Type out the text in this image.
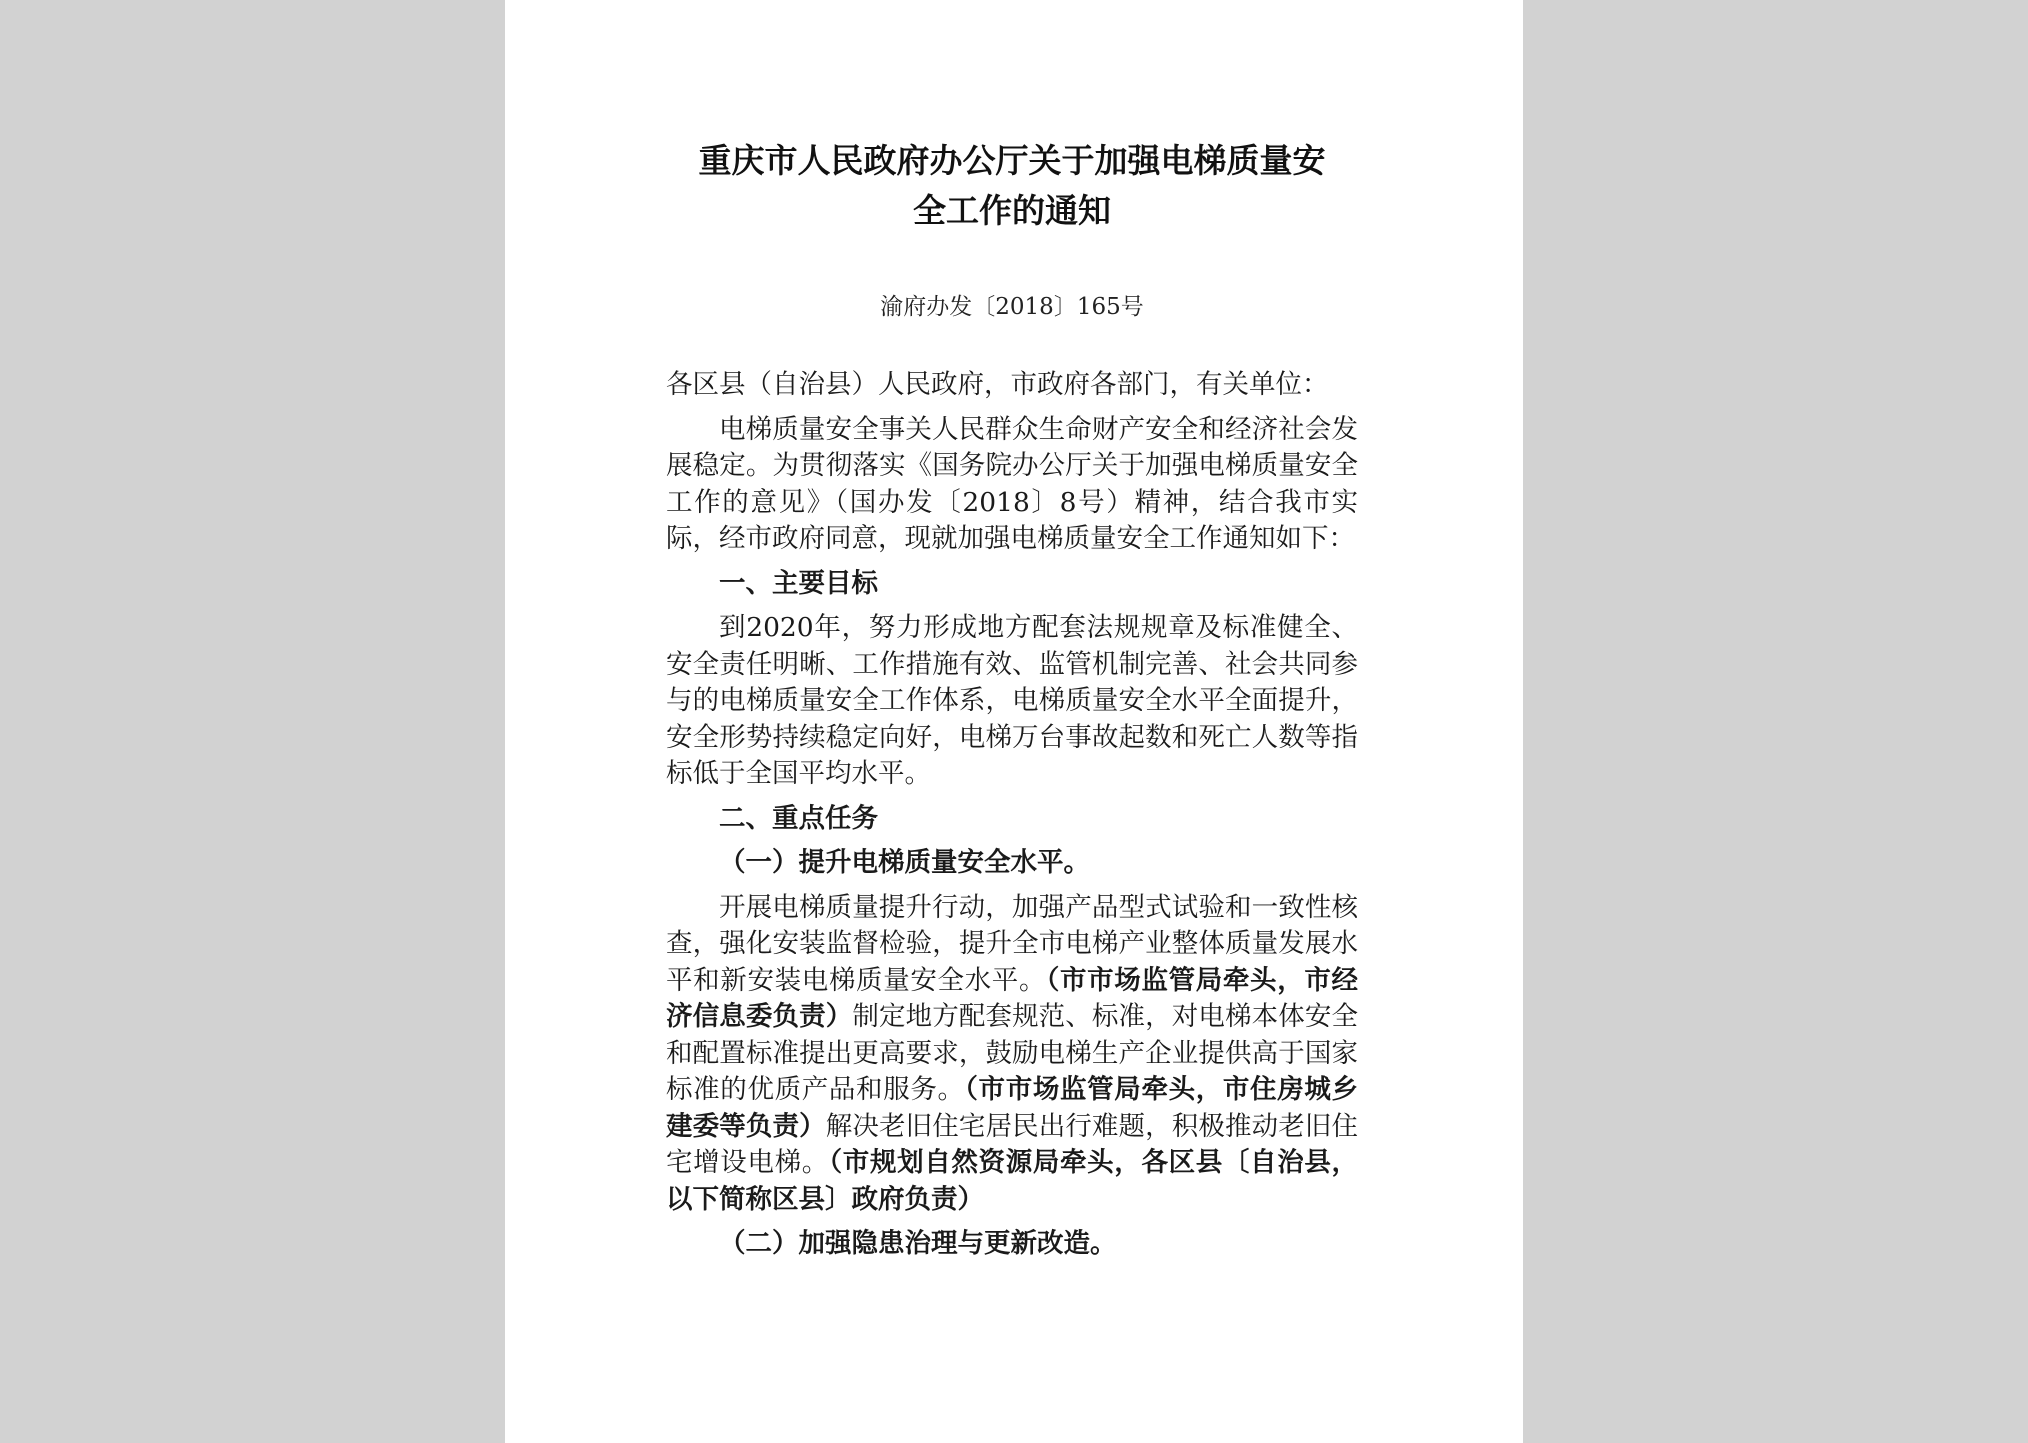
重庆市人民政府办公厅关于加强电梯质量安
全工作的通知
渝府办发〔2018〕165号

各区县（自治县）人民政府，市政府各部门，有关单位：

电梯质量安全事关人民群众生命财产安全和经济社会发展稳定。为贯彻落实《国务院办公厅关于加强电梯质量安全工作的意见》（国办发〔2018〕8号）精神，结合我市实际，经市政府同意，现就加强电梯质量安全工作通知如下：

一、主要目标

到2020年，努力形成地方配套法规规章及标准健全、安全责任明晰、工作措施有效、监管机制完善、社会共同参与的电梯质量安全工作体系，电梯质量安全水平全面提升，安全形势持续稳定向好，电梯万台事故起数和死亡人数等指标低于全国平均水平。

二、重点任务

（一）提升电梯质量安全水平。

开展电梯质量提升行动，加强产品型式试验和一致性核查，强化安装监督检验，提升全市电梯产业整体质量发展水平和新安装电梯质量安全水平。（市市场监管局牵头，市经济信息委负责）制定地方配套规范、标准，对电梯本体安全和配置标准提出更高要求，鼓励电梯生产企业提供高于国家标准的优质产品和服务。（市市场监管局牵头，市住房城乡建委等负责）解决老旧住宅居民出行难题，积极推动老旧住宅增设电梯。（市规划自然资源局牵头，各区县〔自治县，以下简称区县〕政府负责）

（二）加强隐患治理与更新改造。
